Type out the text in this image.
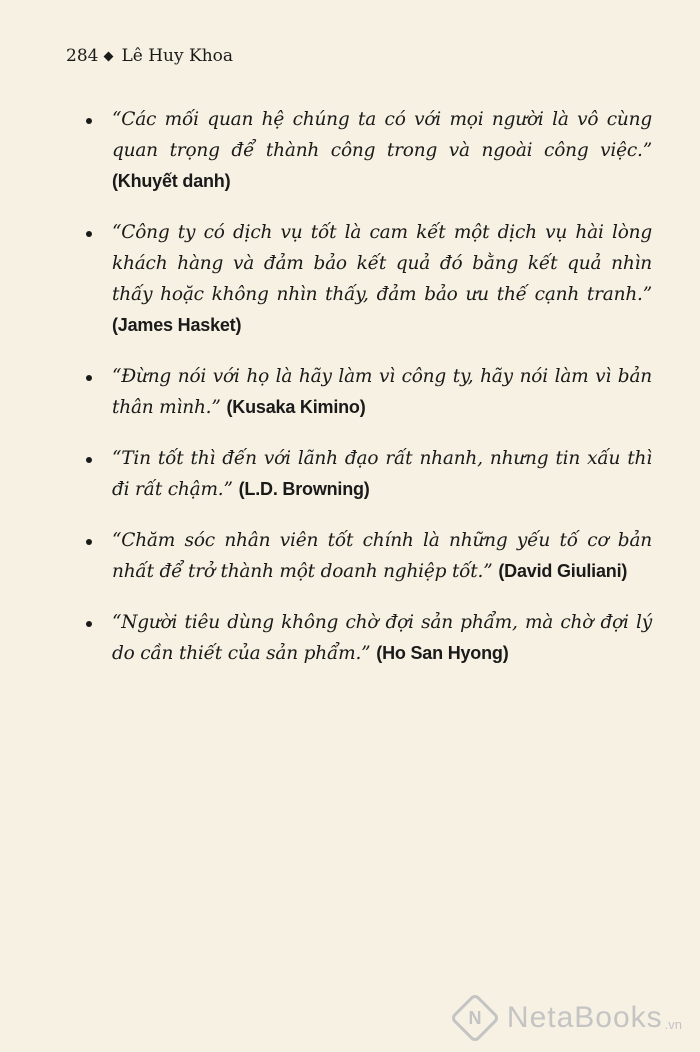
284 Lê Huy Khoa
“Các mối quan hệ chúng ta có với mọi người là vô cùng quan trọng để thành công trong và ngoài công việc.” (Khuyết danh)
“Công ty có dịch vụ tốt là cam kết một dịch vụ hài lòng khách hàng và đảm bảo kết quả đó bằng kết quả nhìn thấy hoặc không nhìn thấy, đảm bảo ưu thế cạnh tranh.” (James Hasket)
“Đừng nói với họ là hãy làm vì công ty, hãy nói làm vì bản thân mình.” (Kusaka Kimino)
“Tin tốt thì đến với lãnh đạo rất nhanh, nhưng tin xấu thì đi rất chậm.” (L.D. Browning)
“Chăm sóc nhân viên tốt chính là những yếu tố cơ bản nhất để trở thành một doanh nghiệp tốt.” (David Giuliani)
“Người tiêu dùng không chờ đợi sản phẩm, mà chờ đợi lý do cần thiết của sản phẩm.” (Ho San Hyong)
N NetaBooks .vn
